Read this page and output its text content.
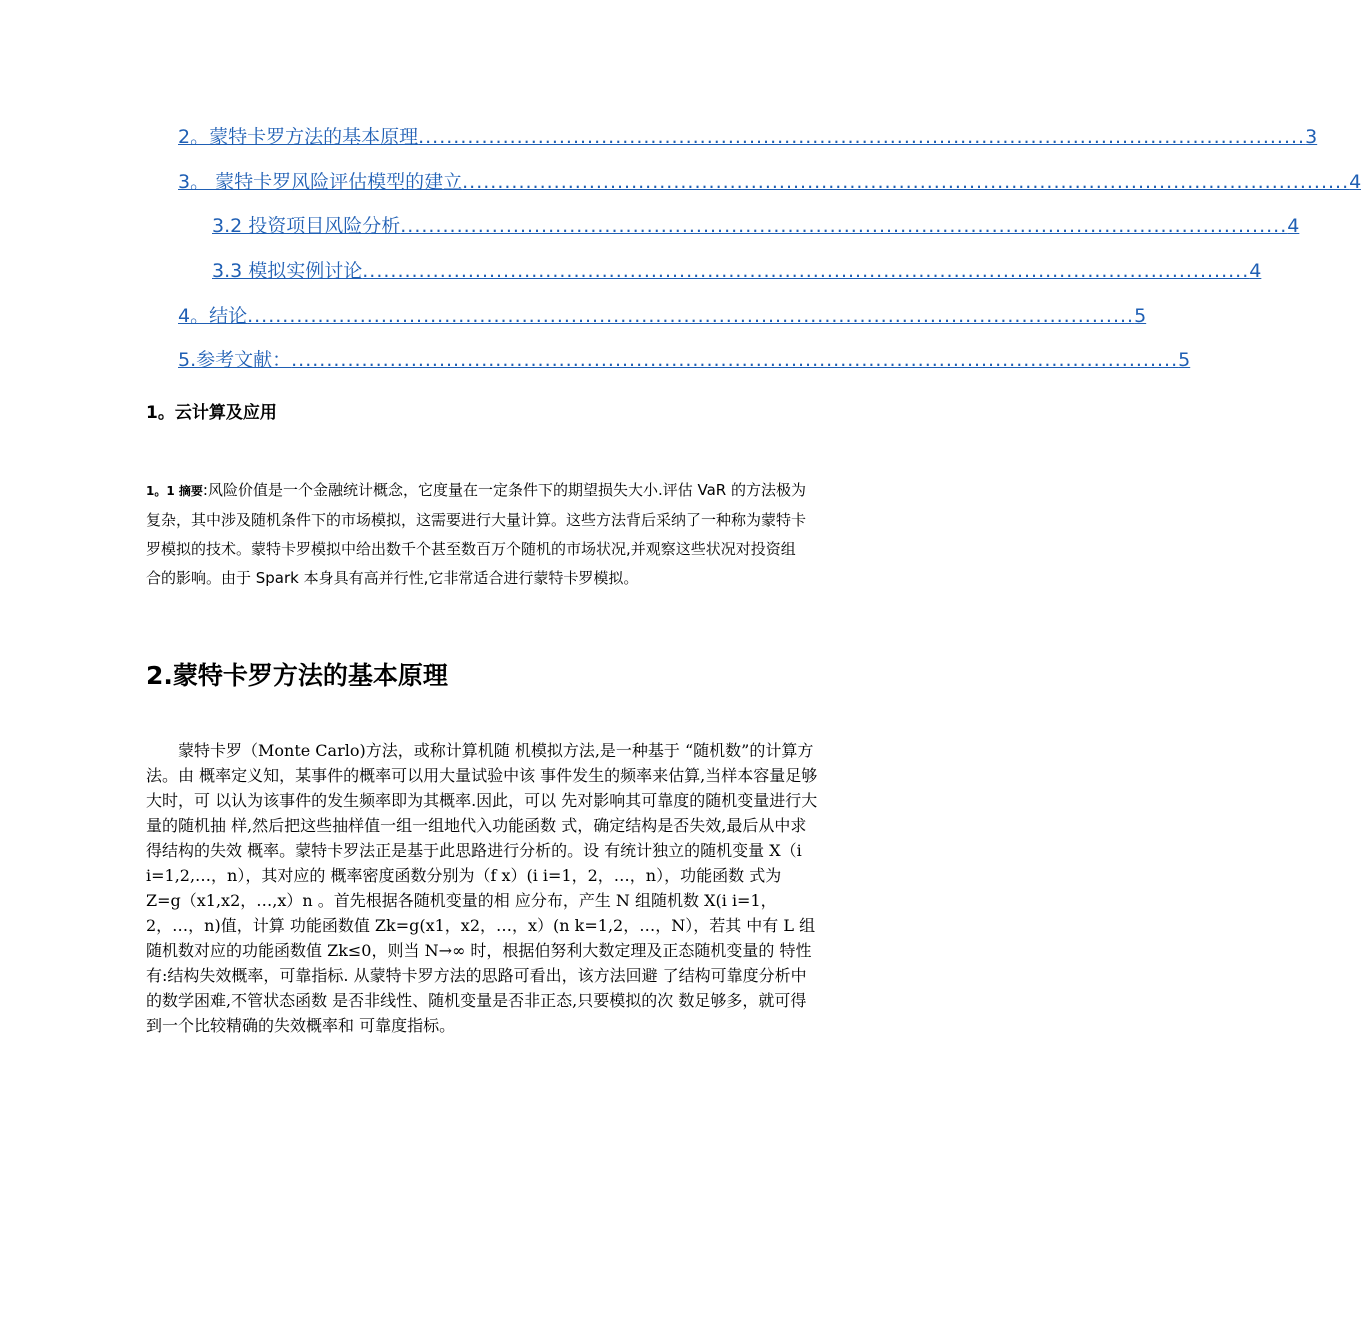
2。蒙特卡罗方法的基本原理 .............................................................................................................................. 3
3。 蒙特卡罗风险评估模型的建立 .............................................................................................................................. 4
3.2 投资项目风险分析 .............................................................................................................................. 4
3.3 模拟实例讨论 .............................................................................................................................. 4
4。结论 .............................................................................................................................. 5
5.参考文献： .............................................................................................................................. 5
1。云计算及应用
1。1 摘要:风险价值是一个金融统计概念，它度量在一定条件下的期望损失大小.评估 VaR 的方法极为复杂，其中涉及随机条件下的市场模拟，这需要进行大量计算。这些方法背后采纳了一种称为蒙特卡罗模拟的技术。蒙特卡罗模拟中给出数千个甚至数百万个随机的市场状况,并观察这些状况对投资组合的影响。由于 Spark 本身具有高并行性,它非常适合进行蒙特卡罗模拟。
2.蒙特卡罗方法的基本原理
蒙特卡罗（Monte Carlo)方法，或称计算机随 机模拟方法,是一种基于 “随机数”的计算方法。由 概率定义知，某事件的概率可以用大量试验中该 事件发生的频率来估算,当样本容量足够大时，可 以认为该事件的发生频率即为其概率.因此，可以 先对影响其可靠度的随机变量进行大量的随机抽 样,然后把这些抽样值一组一组地代入功能函数 式，确定结构是否失效,最后从中求得结构的失效 概率。蒙特卡罗法正是基于此思路进行分析的。设 有统计独立的随机变量 X（i i=1,2,…，n），其对应的 概率密度函数分别为（f x）(i i=1，2，…，n），功能函数 式为 Z=g（x1,x2，…,x）n 。首先根据各随机变量的相 应分布，产生 N 组随机数 X(i i=1，2，…，n)值，计算 功能函数值 Zk=g(x1，x2，…，x）(n k=1,2，…，N），若其 中有 L 组随机数对应的功能函数值 Zk≤0，则当 N→∞ 时，根据伯努利大数定理及正态随机变量的 特性有:结构失效概率，可靠指标. 从蒙特卡罗方法的思路可看出，该方法回避 了结构可靠度分析中的数学困难,不管状态函数 是否非线性、随机变量是否非正态,只要模拟的次 数足够多，就可得到一个比较精确的失效概率和 可靠度指标。
